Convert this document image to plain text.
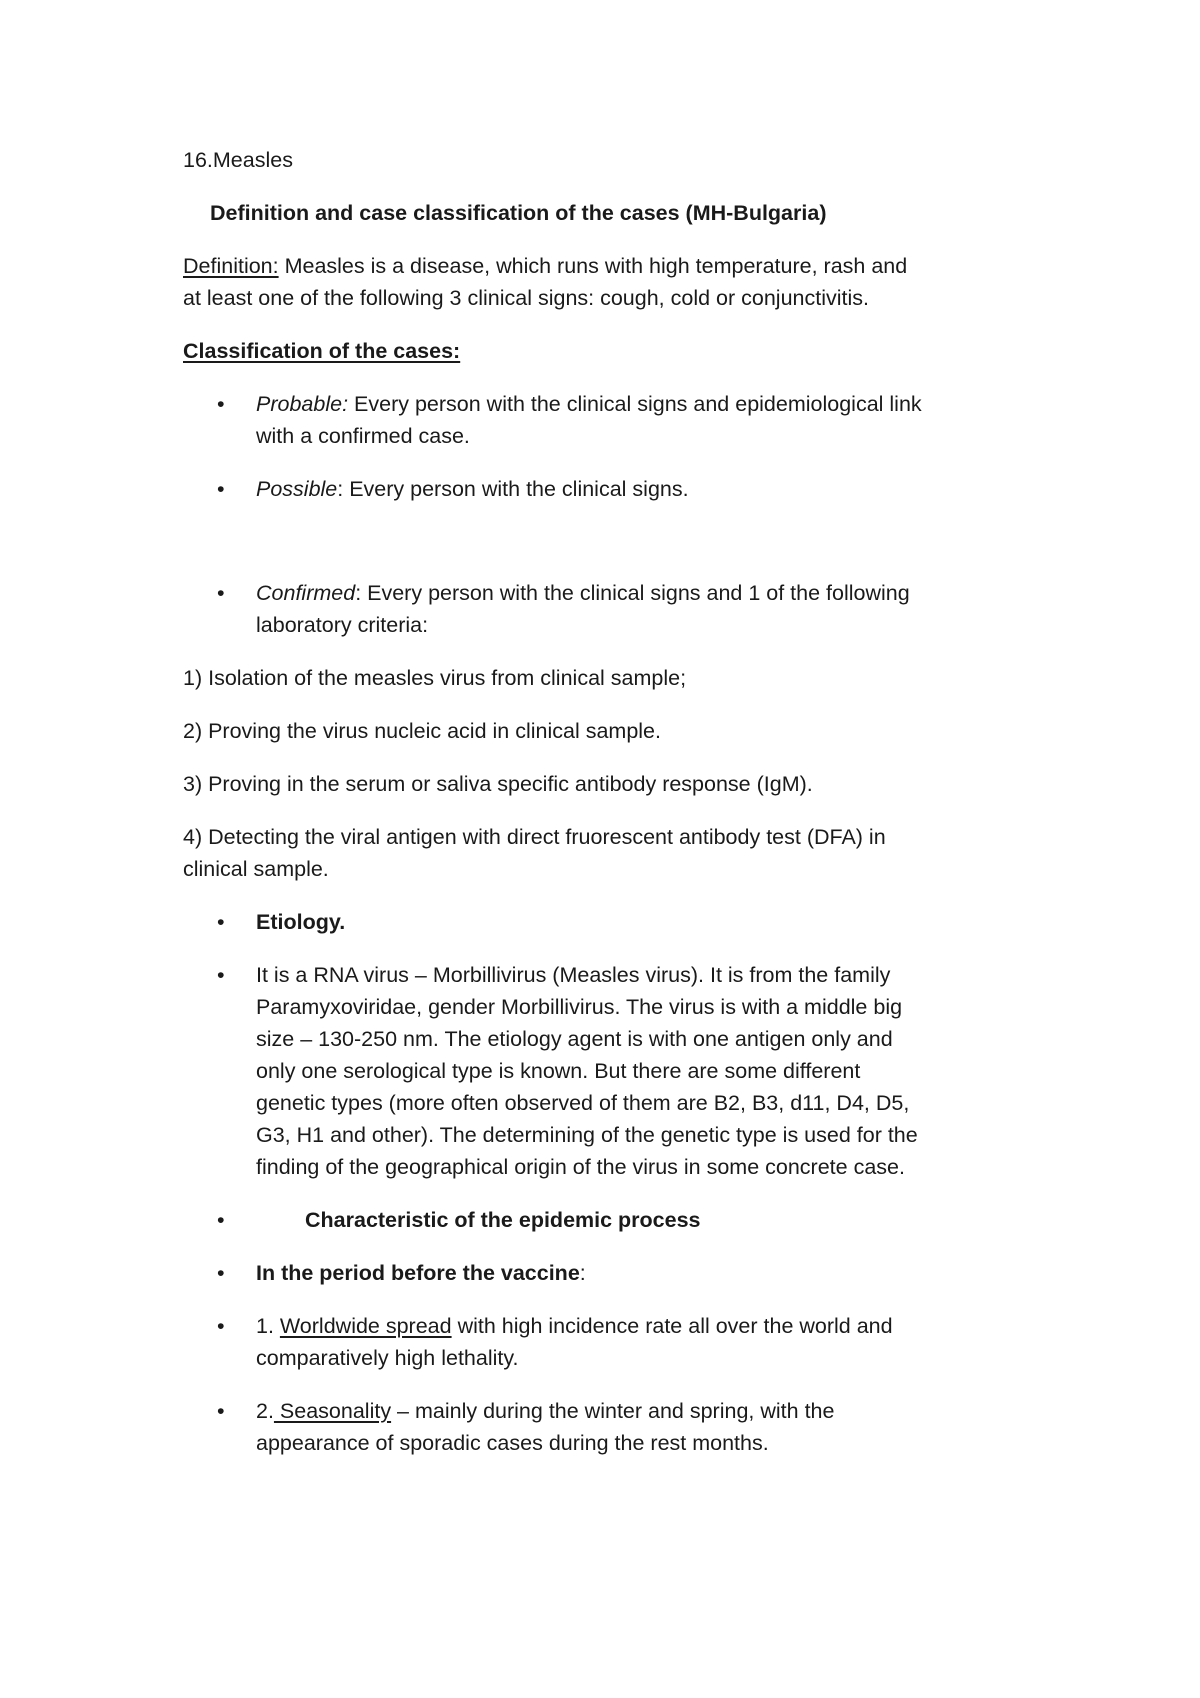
16.Measles
Definition and case classification of the cases (MH-Bulgaria)
Definition: Measles is a disease, which runs with high temperature, rash and
at least one of the following 3 clinical signs: cough, cold or conjunctivitis.
Classification of the cases:
• Probable: Every person with the clinical signs and epidemiological link
with a confirmed case.
• Possible: Every person with the clinical signs.
• Confirmed: Every person with the clinical signs and 1 of the following
laboratory criteria:
1) Isolation of the measles virus from clinical sample;
2) Proving the virus nucleic acid in clinical sample.
3) Proving in the serum or saliva specific antibody response (IgM).
4) Detecting the viral antigen with direct fruorescent antibody test (DFA) in
clinical sample.
• Etiology.
• It is a RNA virus – Morbillivirus (Measles virus). It is from the family
Paramyxoviridae, gender Morbillivirus. The virus is with a middle big
size – 130-250 nm. The etiology agent is with one antigen only and
only one serological type is known. But there are some different
genetic types (more often observed of them are B2, B3, d11, D4, D5,
G3, H1 and other). The determining of the genetic type is used for the
finding of the geographical origin of the virus in some concrete case.
•	Characteristic of the epidemic process
• In the period before the vaccine:
• 1. Worldwide spread with high incidence rate all over the world and
comparatively high lethality.
• 2. Seasonality – mainly during the winter and spring, with the
appearance of sporadic cases during the rest months.
